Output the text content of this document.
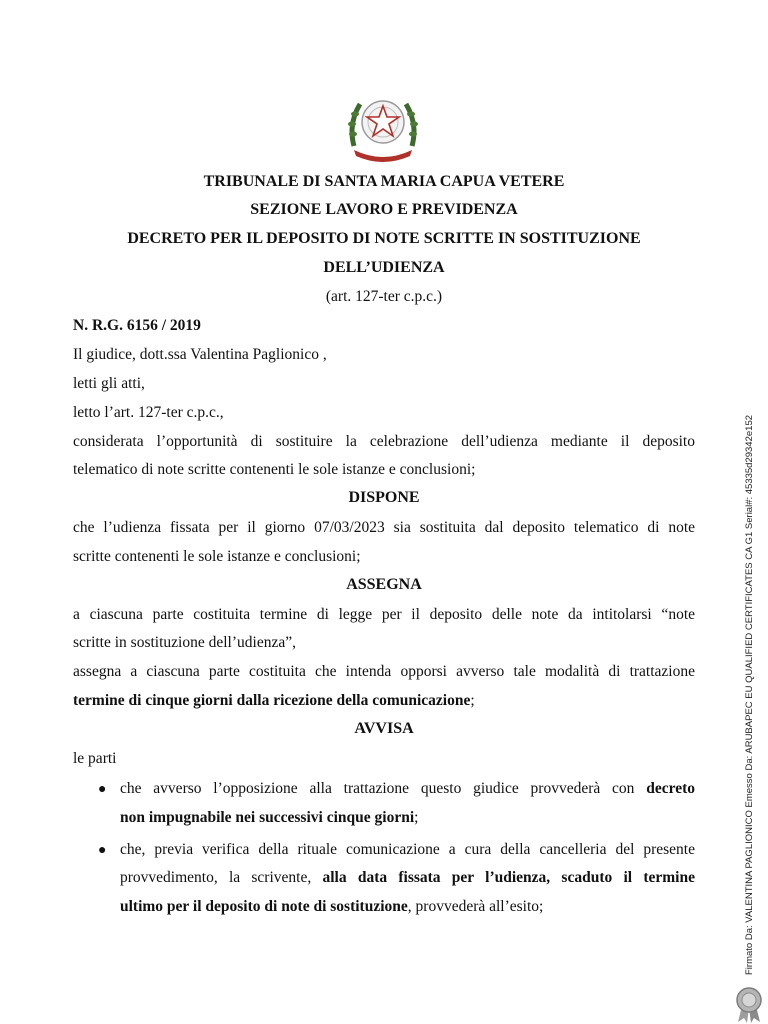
TRIBUNALE DI SANTA MARIA CAPUA VETERE
SEZIONE LAVORO E PREVIDENZA
DECRETO PER IL DEPOSITO DI NOTE SCRITTE IN SOSTITUZIONE
DELL’UDIENZA
(art. 127-ter c.p.c.)
N. R.G. 6156 / 2019
Il giudice, dott.ssa Valentina Paglionico ,
letti gli atti,
letto l’art. 127-ter c.p.c.,
considerata l’opportunità di sostituire la celebrazione dell’udienza mediante il deposito
telematico di note scritte contenenti le sole istanze e conclusioni;
DISPONE
che l’udienza fissata per il giorno 07/03/2023 sia sostituita dal deposito telematico di note
scritte contenenti le sole istanze e conclusioni;
ASSEGNA
a ciascuna parte costituita termine di legge per il deposito delle note da intitolarsi “note
scritte in sostituzione dell’udienza”,
assegna a ciascuna parte costituita che intenda opporsi avverso tale modalità di trattazione
termine di cinque giorni dalla ricezione della comunicazione;
AVVISA
le parti
● che avverso l’opposizione alla trattazione questo giudice provvederà con decreto
non impugnabile nei successivi cinque giorni;
● che, previa verifica della rituale comunicazione a cura della cancelleria del presente
provvedimento, la scrivente, alla data fissata per l’udienza, scaduto il termine
ultimo per il deposito di note di sostituzione, provvederà all’esito;	Firmato Da: VALENTINA PAGLIONICO Emesso Da: ARUBAPEC EU QUALIFIED CERTIFICATES CA G1 Serial#: 45335d29342e152
